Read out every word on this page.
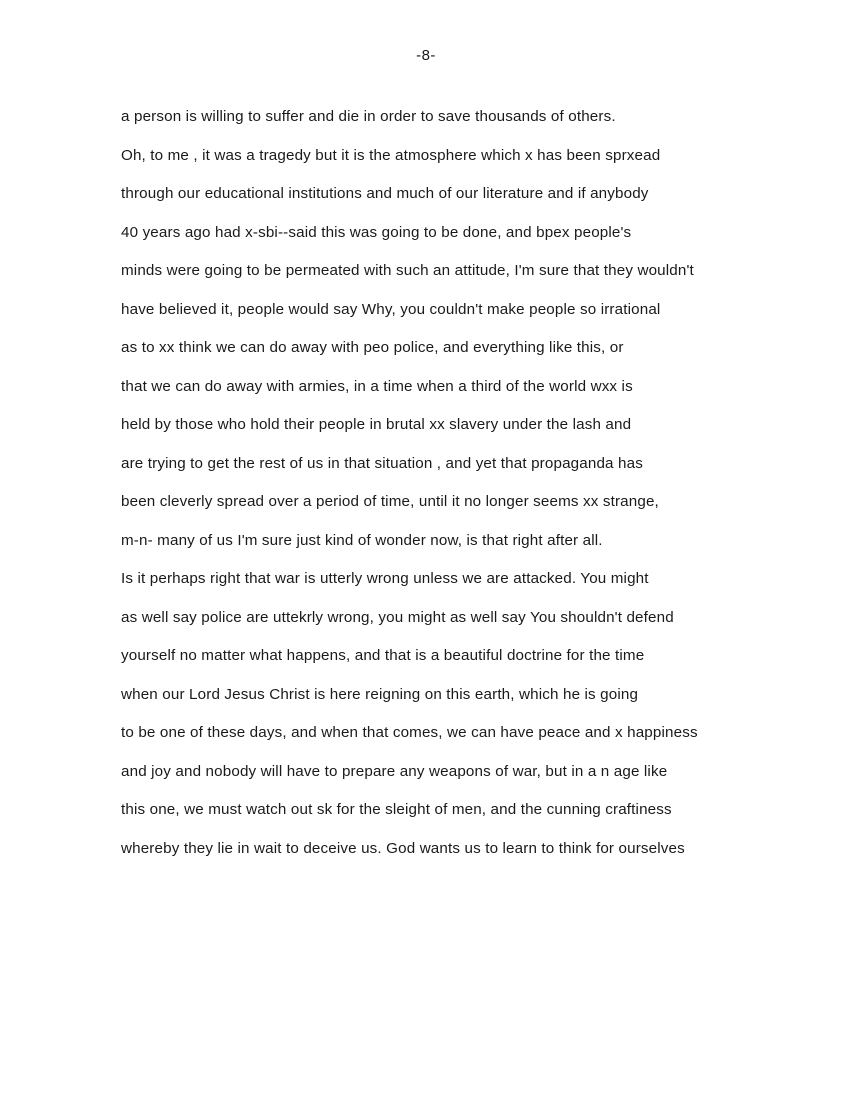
-8-
a person is willing to suffer and die in order to save thousands of others.
Oh, to me , it was a tragedy but it is the atmosphere which x has been sprxead
through our educational institutions and much of our literature and if anybody
40 years ago had x-sbi--said this was going to be done, and bpex people's
minds were going to be permeated with such an attitude, I'm sure that they wouldn't
have believed it, people would say Why, you couldn't make people so irrational
as to xx think we can do away with peo police, and everything like this, or
that we can do away with armies, in a time when a third of the world wxx is
held by those who hold their people in brutal xx slavery under the lash and
are trying to get the rest of us in that situation , and yet that propaganda has
been cleverly spread over a period of time, until it no longer seems xx strange,
m-n- many of us I'm sure just kind of wonder now, is that right after all.
Is it perhaps right that war is utterly wrong unless we are attacked. You might
as well say police are uttekrly wrong, you might as well say You shouldn't defend
yourself no matter what happens, and that is a beautiful doctrine for the time
when our Lord Jesus Christ is here reigning on this earth, which he is going
to be one of these days, and when that comes, we can have peace and x happiness
and joy and nobody will have to prepare any weapons of war, but in a n age like
this one, we must watch out sk for the sleight of men, and the cunning craftiness
whereby they lie in wait to deceive us. God wants us to learn to think for ourselves
